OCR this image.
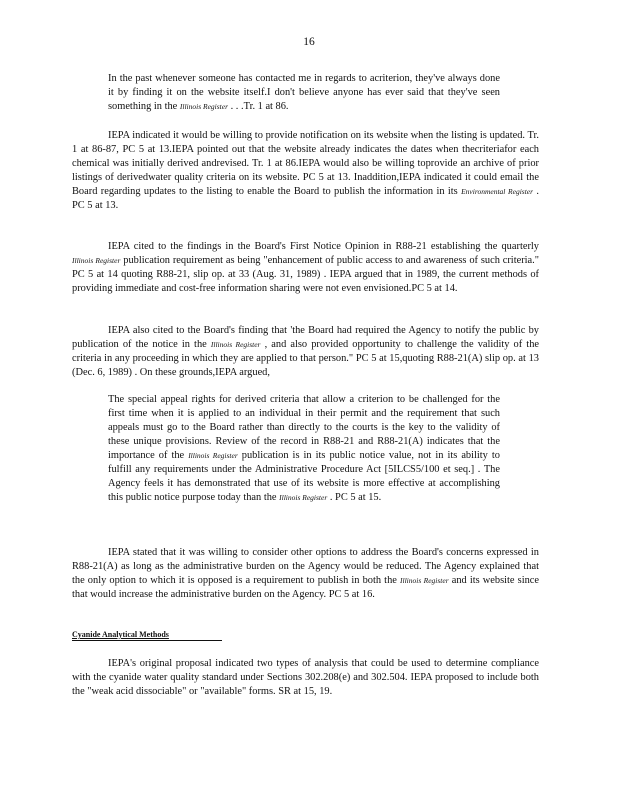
16

In the past whenever someone has contacted me in regards to acriterion, they've always done it by finding it on the website itself.I don't believe anyone has ever said that they've seen something in the Illinois Register . . .Tr. 1 at 86.

IEPA indicated it would be willing to provide notification on its website when the listing is updated. Tr. 1 at 86-87, PC 5 at 13.IEPA pointed out that the website already indicates the dates when thecriteriafor each chemical was initially derived andrevised. Tr. 1 at 86.IEPA would also be willing toprovide an archive of prior listings of derivedwater quality criteria on its website. PC 5 at 13. Inaddition,IEPA indicated it could email the Board regarding updates to the listing to enable the Board to publish the information in its Environmental Register . PC 5 at 13.

IEPA cited to the findings in the Board's First Notice Opinion in R88-21 establishing the quarterly Illinois Register publication requirement as being "enhancement of public access to and awareness of such criteria." PC 5 at 14 quoting R88-21, slip op. at 33 (Aug. 31, 1989) . IEPA argued that in 1989, the current methods of providing immediate and cost-free information sharing were not even envisioned.PC 5 at 14.

IEPA also cited to the Board's finding that 'the Board had required the Agency to notify the public by publication of the notice in the Illinois Register , and also provided opportunity to challenge the validity of the criteria in any proceeding in which they are applied to that person." PC 5 at 15,quoting R88-21(A) slip op. at 13 (Dec. 6, 1989) . On these grounds,IEPA argued,

The special appeal rights for derived criteria that allow a criterion to be challenged for the first time when it is applied to an individual in their permit and the requirement that such appeals must go to the Board rather than directly to the courts is the key to the validity of these unique provisions. Review of the record in R88-21 and R88-21(A) indicates that the importance of the Illinois Register publication is in its public notice value, not in its ability to fulfill any requirements under the Administrative Procedure Act [5ILCS5/100 et seq.] . The Agency feels it has demonstrated that use of its website is more effective at accomplishing this public notice purpose today than the Illinois Register . PC 5 at 15.

IEPA stated that it was willing to consider other options to address the Board's concerns expressed in R88-21(A) as long as the administrative burden on the Agency would be reduced. The Agency explained that the only option to which it is opposed is a requirement to publish in both the Illinois Register and its website since that would increase the administrative burden on the Agency. PC 5 at 16.

Cyanide Analytical Methods

IEPA's original proposal indicated two types of analysis that could be used to determine compliance with the cyanide water quality standard under Sections 302.208(e) and 302.504. IEPA proposed to include both the "weak acid dissociable" or "available" forms. SR at 15, 19.
